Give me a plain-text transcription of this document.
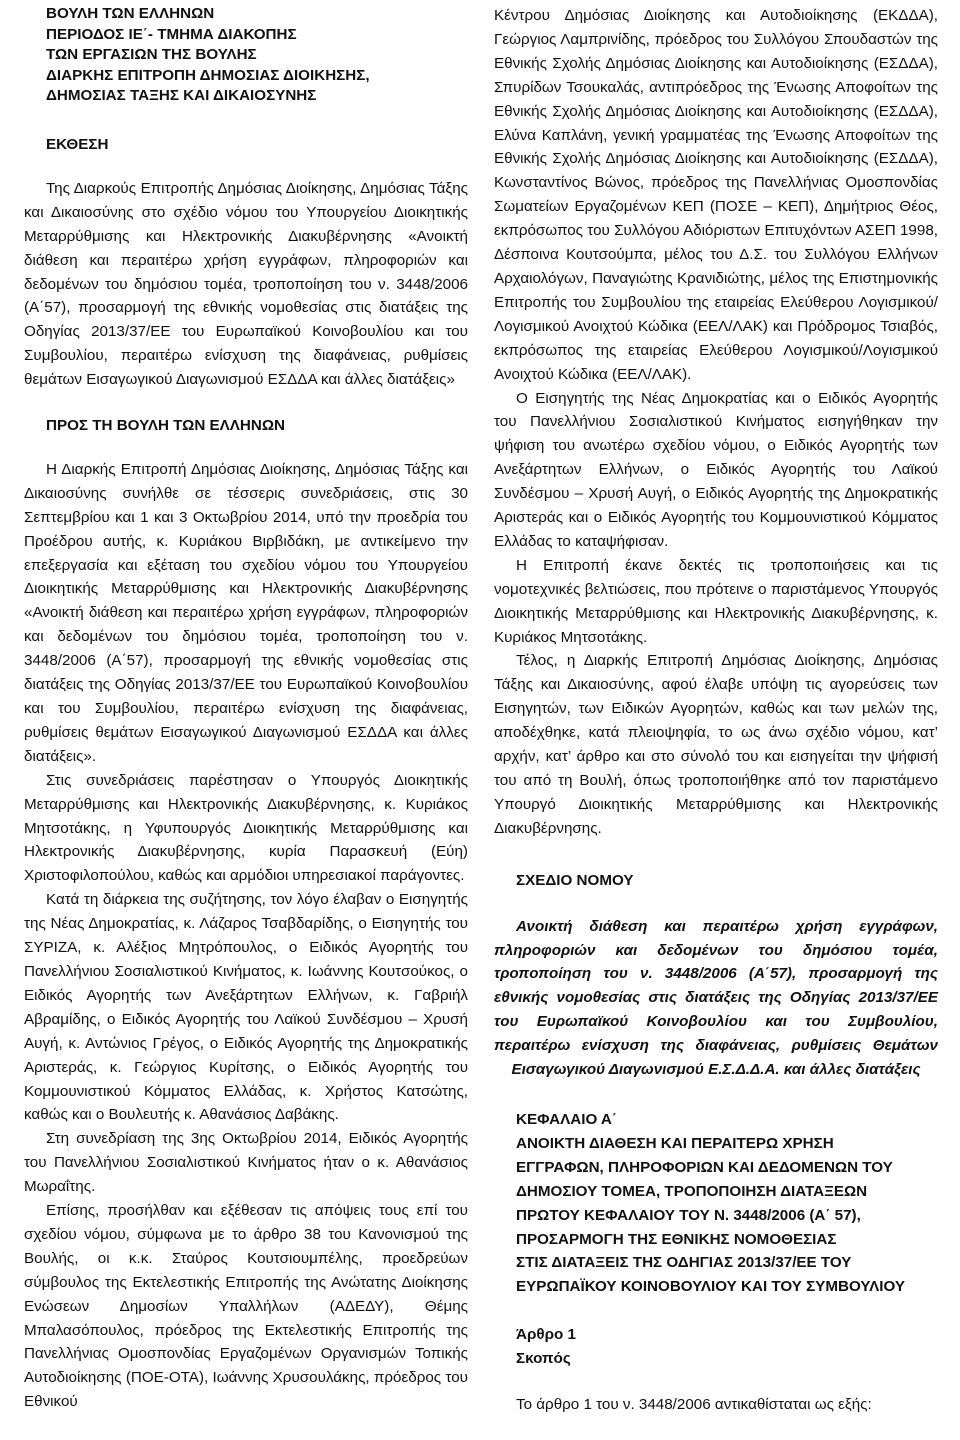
ΒΟΥΛΗ ΤΩΝ ΕΛΛΗΝΩΝ

ΠΕΡΙΟΔΟΣ ΙΕ΄- ΤΜΗΜΑ ΔΙΑΚΟΠΗΣ

ΤΩΝ ΕΡΓΑΣΙΩΝ ΤΗΣ ΒΟΥΛΗΣ

ΔΙΑΡΚΗΣ ΕΠΙΤΡΟΠΗ ΔΗΜΟΣΙΑΣ ΔΙΟΙΚΗΣΗΣ,

ΔΗΜΟΣΙΑΣ ΤΑΞΗΣ ΚΑΙ ΔΙΚΑΙΟΣΥΝΗΣ

ΕΚΘΕΣΗ

Της Διαρκούς Επιτροπής Δημόσιας Διοίκησης, Δημόσιας Τάξης και Δικαιοσύνης στο σχέδιο νόμου του Υπουργείου Διοικητικής Μεταρρύθμισης και Ηλεκτρονικής Διακυβέρνησης «Ανοικτή διάθεση και περαιτέρω χρήση εγγράφων, πληροφοριών και δεδομένων του δημόσιου τομέα, τροποποίηση του ν. 3448/2006 (Α΄57), προσαρμογή της εθνικής νομοθεσίας στις διατάξεις της Οδηγίας 2013/37/ΕΕ του Ευρωπαϊκού Κοινοβουλίου και του Συμβουλίου, περαιτέρω ενίσχυση της διαφάνειας, ρυθμίσεις θεμάτων Εισαγωγικού Διαγωνισμού ΕΣΔΔΑ και άλλες διατάξεις»

ΠΡΟΣ ΤΗ ΒΟΥΛΗ ΤΩΝ ΕΛΛΗΝΩΝ

Η Διαρκής Επιτροπή Δημόσιας Διοίκησης, Δημόσιας Τάξης και Δικαιοσύνης συνήλθε σε τέσσερις συνεδριάσεις, στις 30 Σεπτεμβρίου και 1 και 3 Οκτωβρίου 2014, υπό την προεδρία του Προέδρου αυτής, κ. Κυριάκου Βιρβιδάκη, με αντικείμενο την επεξεργασία και εξέταση του σχεδίου νόμου του Υπουργείου Διοικητικής Μεταρρύθμισης και Ηλεκτρονικής Διακυβέρνησης «Ανοικτή διάθεση και περαιτέρω χρήση εγγράφων, πληροφοριών και δεδομένων του δημόσιου τομέα, τροποποίηση του ν. 3448/2006 (Α΄57), προσαρμογή της εθνικής νομοθεσίας στις διατάξεις της Οδηγίας 2013/37/ΕΕ του Ευρωπαϊκού Κοινοβουλίου και του Συμβουλίου, περαιτέρω ενίσχυση της διαφάνειας, ρυθμίσεις θεμάτων Εισαγωγικού Διαγωνισμού ΕΣΔΔΑ και άλλες διατάξεις».

Στις συνεδριάσεις παρέστησαν ο Υπουργός Διοικητικής Μεταρρύθμισης και Ηλεκτρονικής Διακυβέρνησης, κ. Κυριάκος Μητσοτάκης, η Υφυπουργός Διοικητικής Μεταρρύθμισης και Ηλεκτρονικής Διακυβέρνησης, κυρία Παρασκευή (Εύη) Χριστοφιλοπούλου, καθώς και αρμόδιοι υπηρεσιακοί παράγοντες.

Κατά τη διάρκεια της συζήτησης, τον λόγο έλαβαν ο Εισηγητής της Νέας Δημοκρατίας, κ. Λάζαρος Τσαβδαρίδης, ο Εισηγητής του ΣΥΡΙΖΑ, κ. Αλέξιος Μητρόπουλος, ο Ειδικός Αγορητής του Πανελλήνιου Σοσιαλιστικού Κινήματος, κ. Ιωάννης Κουτσούκος, ο Ειδικός Αγορητής των Ανεξάρτητων Ελλήνων, κ. Γαβριήλ Αβραμίδης, ο Ειδικός Αγορητής του Λαϊκού Συνδέσμου – Χρυσή Αυγή, κ. Αντώνιος Γρέγος, ο Ειδικός Αγορητής της Δημοκρατικής Αριστεράς, κ. Γεώργιος Κυρίτσης, ο Ειδικός Αγορητής του Κομμουνιστικού Κόμματος Ελλάδας, κ. Χρήστος Κατσώτης, καθώς και ο Βουλευτής κ. Αθανάσιος Δαβάκης.

Στη συνεδρίαση της 3ης Οκτωβρίου 2014, Ειδικός Αγορητής του Πανελλήνιου Σοσιαλιστικού Κινήματος ήταν ο κ. Αθανάσιος Μωραΐτης.

Επίσης, προσήλθαν και εξέθεσαν τις απόψεις τους επί του σχεδίου νόμου, σύμφωνα με το άρθρο 38 του Κανονισμού της Βουλής, οι κ.κ. Σταύρος Κουτσιουμπέλης, προεδρεύων σύμβουλος της Εκτελεστικής Επιτροπής της Ανώτατης Διοίκησης Ενώσεων Δημοσίων Υπαλλήλων (ΑΔΕΔΥ), Θέμης Μπαλασόπουλος, πρόεδρος της Εκτελεστικής Επιτροπής της Πανελλήνιας Ομοσπονδίας Εργαζομένων Οργανισμών Τοπικής Αυτοδιοίκησης (ΠΟΕ-ΟΤΑ), Ιωάννης Χρυσουλάκης, πρόεδρος του Εθνικού

Κέντρου Δημόσιας Διοίκησης και Αυτοδιοίκησης (ΕΚΔΔΑ), Γεώργιος Λαμπρινίδης, πρόεδρος του Συλλόγου Σπουδαστών της Εθνικής Σχολής Δημόσιας Διοίκησης και Αυτοδιοίκησης (ΕΣΔΔΑ), Σπυρίδων Τσουκαλάς, αντιπρόεδρος της Ένωσης Αποφοίτων της Εθνικής Σχολής Δημόσιας Διοίκησης και Αυτοδιοίκησης (ΕΣΔΔΑ), Ελύνα Καπλάνη, γενική γραμματέας της Ένωσης Αποφοίτων της Εθνικής Σχολής Δημόσιας Διοίκησης και Αυτοδιοίκησης (ΕΣΔΔΑ), Κωνσταντίνος Βώνος, πρόεδρος της Πανελλήνιας Ομοσπονδίας Σωματείων Εργαζομένων ΚΕΠ (ΠΟΣΕ – ΚΕΠ), Δημήτριος Θέος, εκπρόσωπος του Συλλόγου Αδιόριστων Επιτυχόντων ΑΣΕΠ 1998, Δέσποινα Κουτσούμπα, μέλος του Δ.Σ. του Συλλόγου Ελλήνων Αρχαιολόγων, Παναγιώτης Κρανιδιώτης, μέλος της Επιστημονικής Επιτροπής του Συμβουλίου της εταιρείας Ελεύθερου Λογισμικού/Λογισμικού Ανοιχτού Κώδικα (ΕΕΛ/ΛΑΚ) και Πρόδρομος Τσιαβός, εκπρόσωπος της εταιρείας Ελεύθερου Λογισμικού/Λογισμικού Ανοιχτού Κώδικα (ΕΕΛ/ΛΑΚ).

Ο Εισηγητής της Νέας Δημοκρατίας και ο Ειδικός Αγορητής του Πανελλήνιου Σοσιαλιστικού Κινήματος εισηγήθηκαν την ψήφιση του ανωτέρω σχεδίου νόμου, ο Ειδικός Αγορητής των Ανεξάρτητων Ελλήνων, ο Ειδικός Αγορητής του Λαϊκού Συνδέσμου – Χρυσή Αυγή, ο Ειδικός Αγορητής της Δημοκρατικής Αριστεράς και ο Ειδικός Αγορητής του Κομμουνιστικού Κόμματος Ελλάδας το καταψήφισαν.

Η Επιτροπή έκανε δεκτές τις τροποποιήσεις και τις νομοτεχνικές βελτιώσεις, που πρότεινε ο παριστάμενος Υπουργός Διοικητικής Μεταρρύθμισης και Ηλεκτρονικής Διακυβέρνησης, κ. Κυριάκος Μητσοτάκης.

Τέλος, η Διαρκής Επιτροπή Δημόσιας Διοίκησης, Δημόσιας Τάξης και Δικαιοσύνης, αφού έλαβε υπόψη τις αγορεύσεις των Εισηγητών, των Ειδικών Αγορητών, καθώς και των μελών της, αποδέχθηκε, κατά πλειοψηφία, το ως άνω σχέδιο νόμου, κατ’ αρχήν, κατ’ άρθρο και στο σύνολό του και εισηγείται την ψήφισή του από τη Βουλή, όπως τροποποιήθηκε από τον παριστάμενο Υπουργό Διοικητικής Μεταρρύθμισης και Ηλεκτρονικής Διακυβέρνησης.

ΣΧΕΔΙΟ ΝΟΜΟΥ

Ανοικτή διάθεση και περαιτέρω χρήση εγγράφων, πληροφοριών και δεδομένων του δημόσιου τομέα, τροποποίηση του ν. 3448/2006 (Α΄57), προσαρμογή της εθνικής νομοθεσίας στις διατάξεις της Οδηγίας 2013/37/ΕΕ του Ευρωπαϊκού Κοινοβουλίου και του Συμβουλίου, περαιτέρω ενίσχυση της διαφάνειας, ρυθμίσεις Θεμάτων Εισαγωγικού Διαγωνισμού Ε.Σ.Δ.Δ.Α. και άλλες διατάξεις

ΚΕΦΑΛΑΙΟ Α΄

ΑΝΟΙΚΤΗ ΔΙΑΘΕΣΗ ΚΑΙ ΠΕΡΑΙΤΕΡΩ ΧΡΗΣΗ

ΕΓΓΡΑΦΩΝ, ΠΛΗΡΟΦΟΡΙΩΝ ΚΑΙ ΔΕΔΟΜΕΝΩΝ ΤΟΥ

ΔΗΜΟΣΙΟΥ ΤΟΜΕΑ, ΤΡΟΠΟΠΟΙΗΣΗ ΔΙΑΤΑΞΕΩΝ

ΠΡΩΤΟΥ ΚΕΦΑΛΑΙΟΥ ΤΟΥ Ν. 3448/2006 (Α΄ 57),

ΠΡΟΣΑΡΜΟΓΗ ΤΗΣ ΕΘΝΙΚΗΣ ΝΟΜΟΘΕΣΙΑΣ

ΣΤΙΣ ΔΙΑΤΑΞΕΙΣ ΤΗΣ ΟΔΗΓΙΑΣ 2013/37/ΕΕ ΤΟΥ

ΕΥΡΩΠΑΪΚΟΥ ΚΟΙΝΟΒΟΥΛΙΟΥ ΚΑΙ ΤΟΥ ΣΥΜΒΟΥΛΙΟΥ

Άρθρο 1

Σκοπός

Το άρθρο 1 του ν. 3448/2006 αντικαθίσταται ως εξής:
